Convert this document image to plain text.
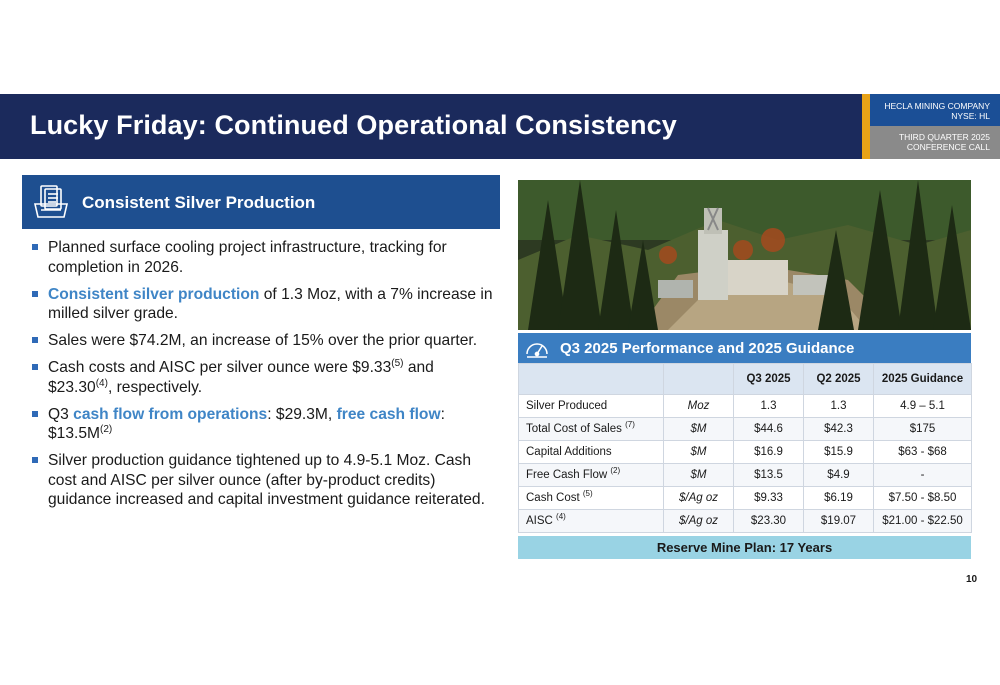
Lucky Friday: Continued Operational Consistency
HECLA MINING COMPANY
NYSE: HL
THIRD QUARTER 2025
CONFERENCE CALL
Consistent Silver Production
Planned surface cooling project infrastructure, tracking for completion in 2026.
Consistent silver production of 1.3 Moz, with a 7% increase in milled silver grade.
Sales were $74.2M, an increase of 15% over the prior quarter.
Cash costs and AISC per silver ounce were $9.33$^{(5)}$ and $23.30$^{(4)}$, respectively.
Q3 cash flow from operations: $29.3M, free cash flow: $\$13.5M^{(2)}$
Silver production guidance tightened up to 4.9-5.1 Moz. Cash cost and AISC per silver ounce (after by-product credits) guidance increased and capital investment guidance reiterated.
Q3 2025 Performance and 2025 Guidance
		Q3 2025	Q2 2025	2025 Guidance
Silver Produced	Moz	1.3	1.3	4.9 – 5.1
Total Cost of Sales $^{(7)}$	$M	$44.6	$42.3	$175
Capital Additions	$M	$16.9	$15.9	$63 - $68
Free Cash Flow $^{(2)}$	$M	$13.5	$4.9	-
Cash Cost $^{(5)}$	$/Ag oz	$9.33	$6.19	$7.50 - $8.50
AISC $^{(4)}$	$/Ag oz	$23.30	$19.07	$21.00 - $22.50
Reserve Mine Plan: 17 Years
10
